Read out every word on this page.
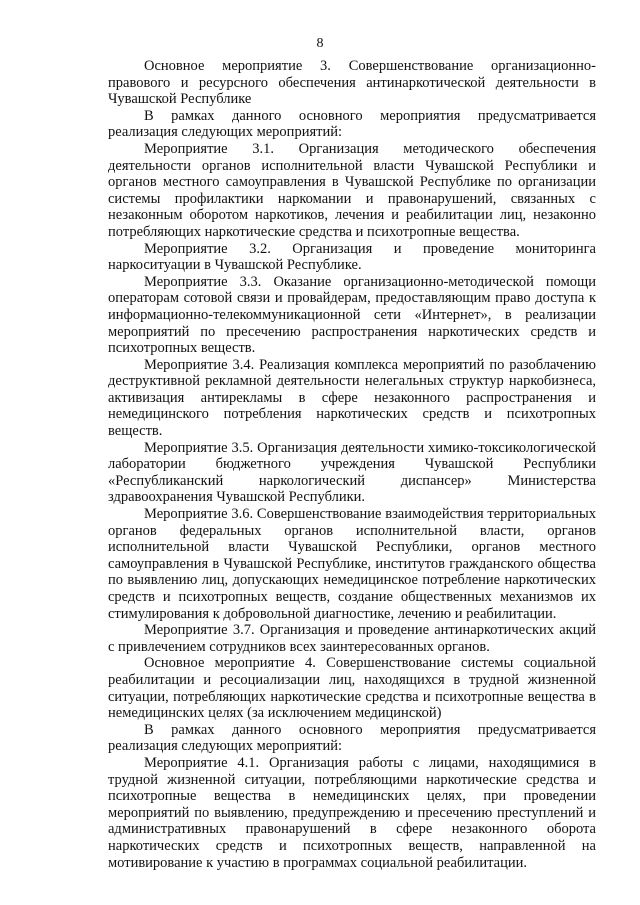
8

Основное мероприятие 3. Совершенствование организационно-правового и ресурсного обеспечения антинаркотической деятельности в Чувашской Республике

В рамках данного основного мероприятия предусматривается реализация следующих мероприятий:

Мероприятие 3.1. Организация методического обеспечения деятельности органов исполнительной власти Чувашской Республики и органов местного самоуправления в Чувашской Республике по организации системы профилактики наркомании и правонарушений, связанных с незаконным оборотом наркотиков, лечения и реабилитации лиц, незаконно потребляющих наркотические средства и психотропные вещества.

Мероприятие 3.2. Организация и проведение мониторинга наркоситуации в Чувашской Республике.

Мероприятие 3.3. Оказание организационно-методической помощи операторам сотовой связи и провайдерам, предоставляющим право доступа к информационно-телекоммуникационной сети «Интернет», в реализации мероприятий по пресечению распространения наркотических средств и психотропных веществ.

Мероприятие 3.4. Реализация комплекса мероприятий по разоблачению деструктивной рекламной деятельности нелегальных структур наркобизнеса, активизация антирекламы в сфере незаконного распространения и немедицинского потребления наркотических средств и психотропных веществ.

Мероприятие 3.5. Организация деятельности химико-токсикологической лаборатории бюджетного учреждения Чувашской Республики «Республиканский наркологический диспансер» Министерства здравоохранения Чувашской Республики.

Мероприятие 3.6. Совершенствование взаимодействия территориальных органов федеральных органов исполнительной власти, органов исполнительной власти Чувашской Республики, органов местного самоуправления в Чувашской Республике, институтов гражданского общества по выявлению лиц, допускающих немедицинское потребление наркотических средств и психотропных веществ, создание общественных механизмов их стимулирования к добровольной диагностике, лечению и реабилитации.

Мероприятие 3.7. Организация и проведение антинаркотических акций с привлечением сотрудников всех заинтересованных органов.

Основное мероприятие 4. Совершенствование системы социальной реабилитации и ресоциализации лиц, находящихся в трудной жизненной ситуации, потребляющих наркотические средства и психотропные вещества в немедицинских целях (за исключением медицинской)

В рамках данного основного мероприятия предусматривается реализация следующих мероприятий:

Мероприятие 4.1. Организация работы с лицами, находящимися в трудной жизненной ситуации, потребляющими наркотические средства и психотропные вещества в немедицинских целях, при проведении мероприятий по выявлению, предупреждению и пресечению преступлений и административных правонарушений в сфере незаконного оборота наркотических средств и психотропных веществ, направленной на мотивирование к участию в программах социальной реабилитации.
